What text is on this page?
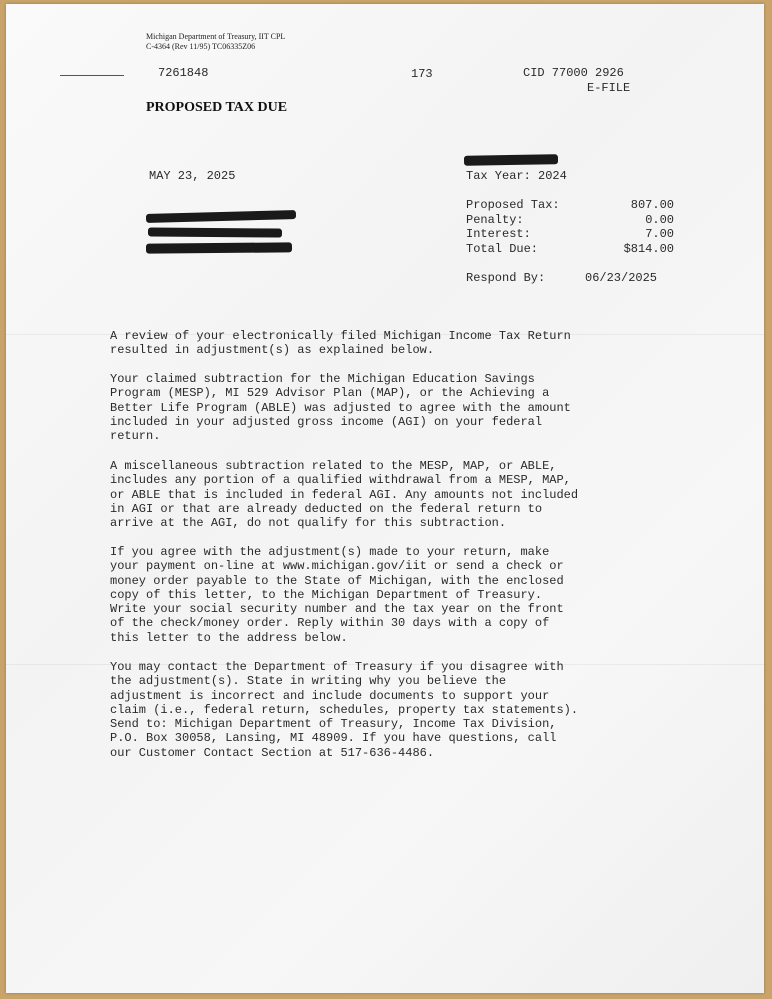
Michigan Department of Treasury, IIT CPL
C-4364 (Rev 11/95) TC06335Z06
7261848	173	CID 77000 2926
E-FILE
PROPOSED TAX DUE
MAY 23, 2025	Tax Year: 2024
Proposed Tax:	807.00
Penalty:	0.00
Interest:	7.00
Total Due:	$814.00
Respond By:	06/23/2025
A review of your electronically filed Michigan Income Tax Return
resulted in adjustment(s) as explained below.
Your claimed subtraction for the Michigan Education Savings
Program (MESP), MI 529 Advisor Plan (MAP), or the Achieving a
Better Life Program (ABLE) was adjusted to agree with the amount
included in your adjusted gross income (AGI) on your federal
return.
A miscellaneous subtraction related to the MESP, MAP, or ABLE,
includes any portion of a qualified withdrawal from a MESP, MAP,
or ABLE that is included in federal AGI. Any amounts not included
in AGI or that are already deducted on the federal return to
arrive at the AGI, do not qualify for this subtraction.
If you agree with the adjustment(s) made to your return, make
your payment on-line at www.michigan.gov/iit or send a check or
money order payable to the State of Michigan, with the enclosed
copy of this letter, to the Michigan Department of Treasury.
Write your social security number and the tax year on the front
of the check/money order. Reply within 30 days with a copy of
this letter to the address below.
You may contact the Department of Treasury if you disagree with
the adjustment(s). State in writing why you believe the
adjustment is incorrect and include documents to support your
claim (i.e., federal return, schedules, property tax statements).
Send to: Michigan Department of Treasury, Income Tax Division,
P.O. Box 30058, Lansing, MI 48909. If you have questions, call
our Customer Contact Section at 517-636-4486.
